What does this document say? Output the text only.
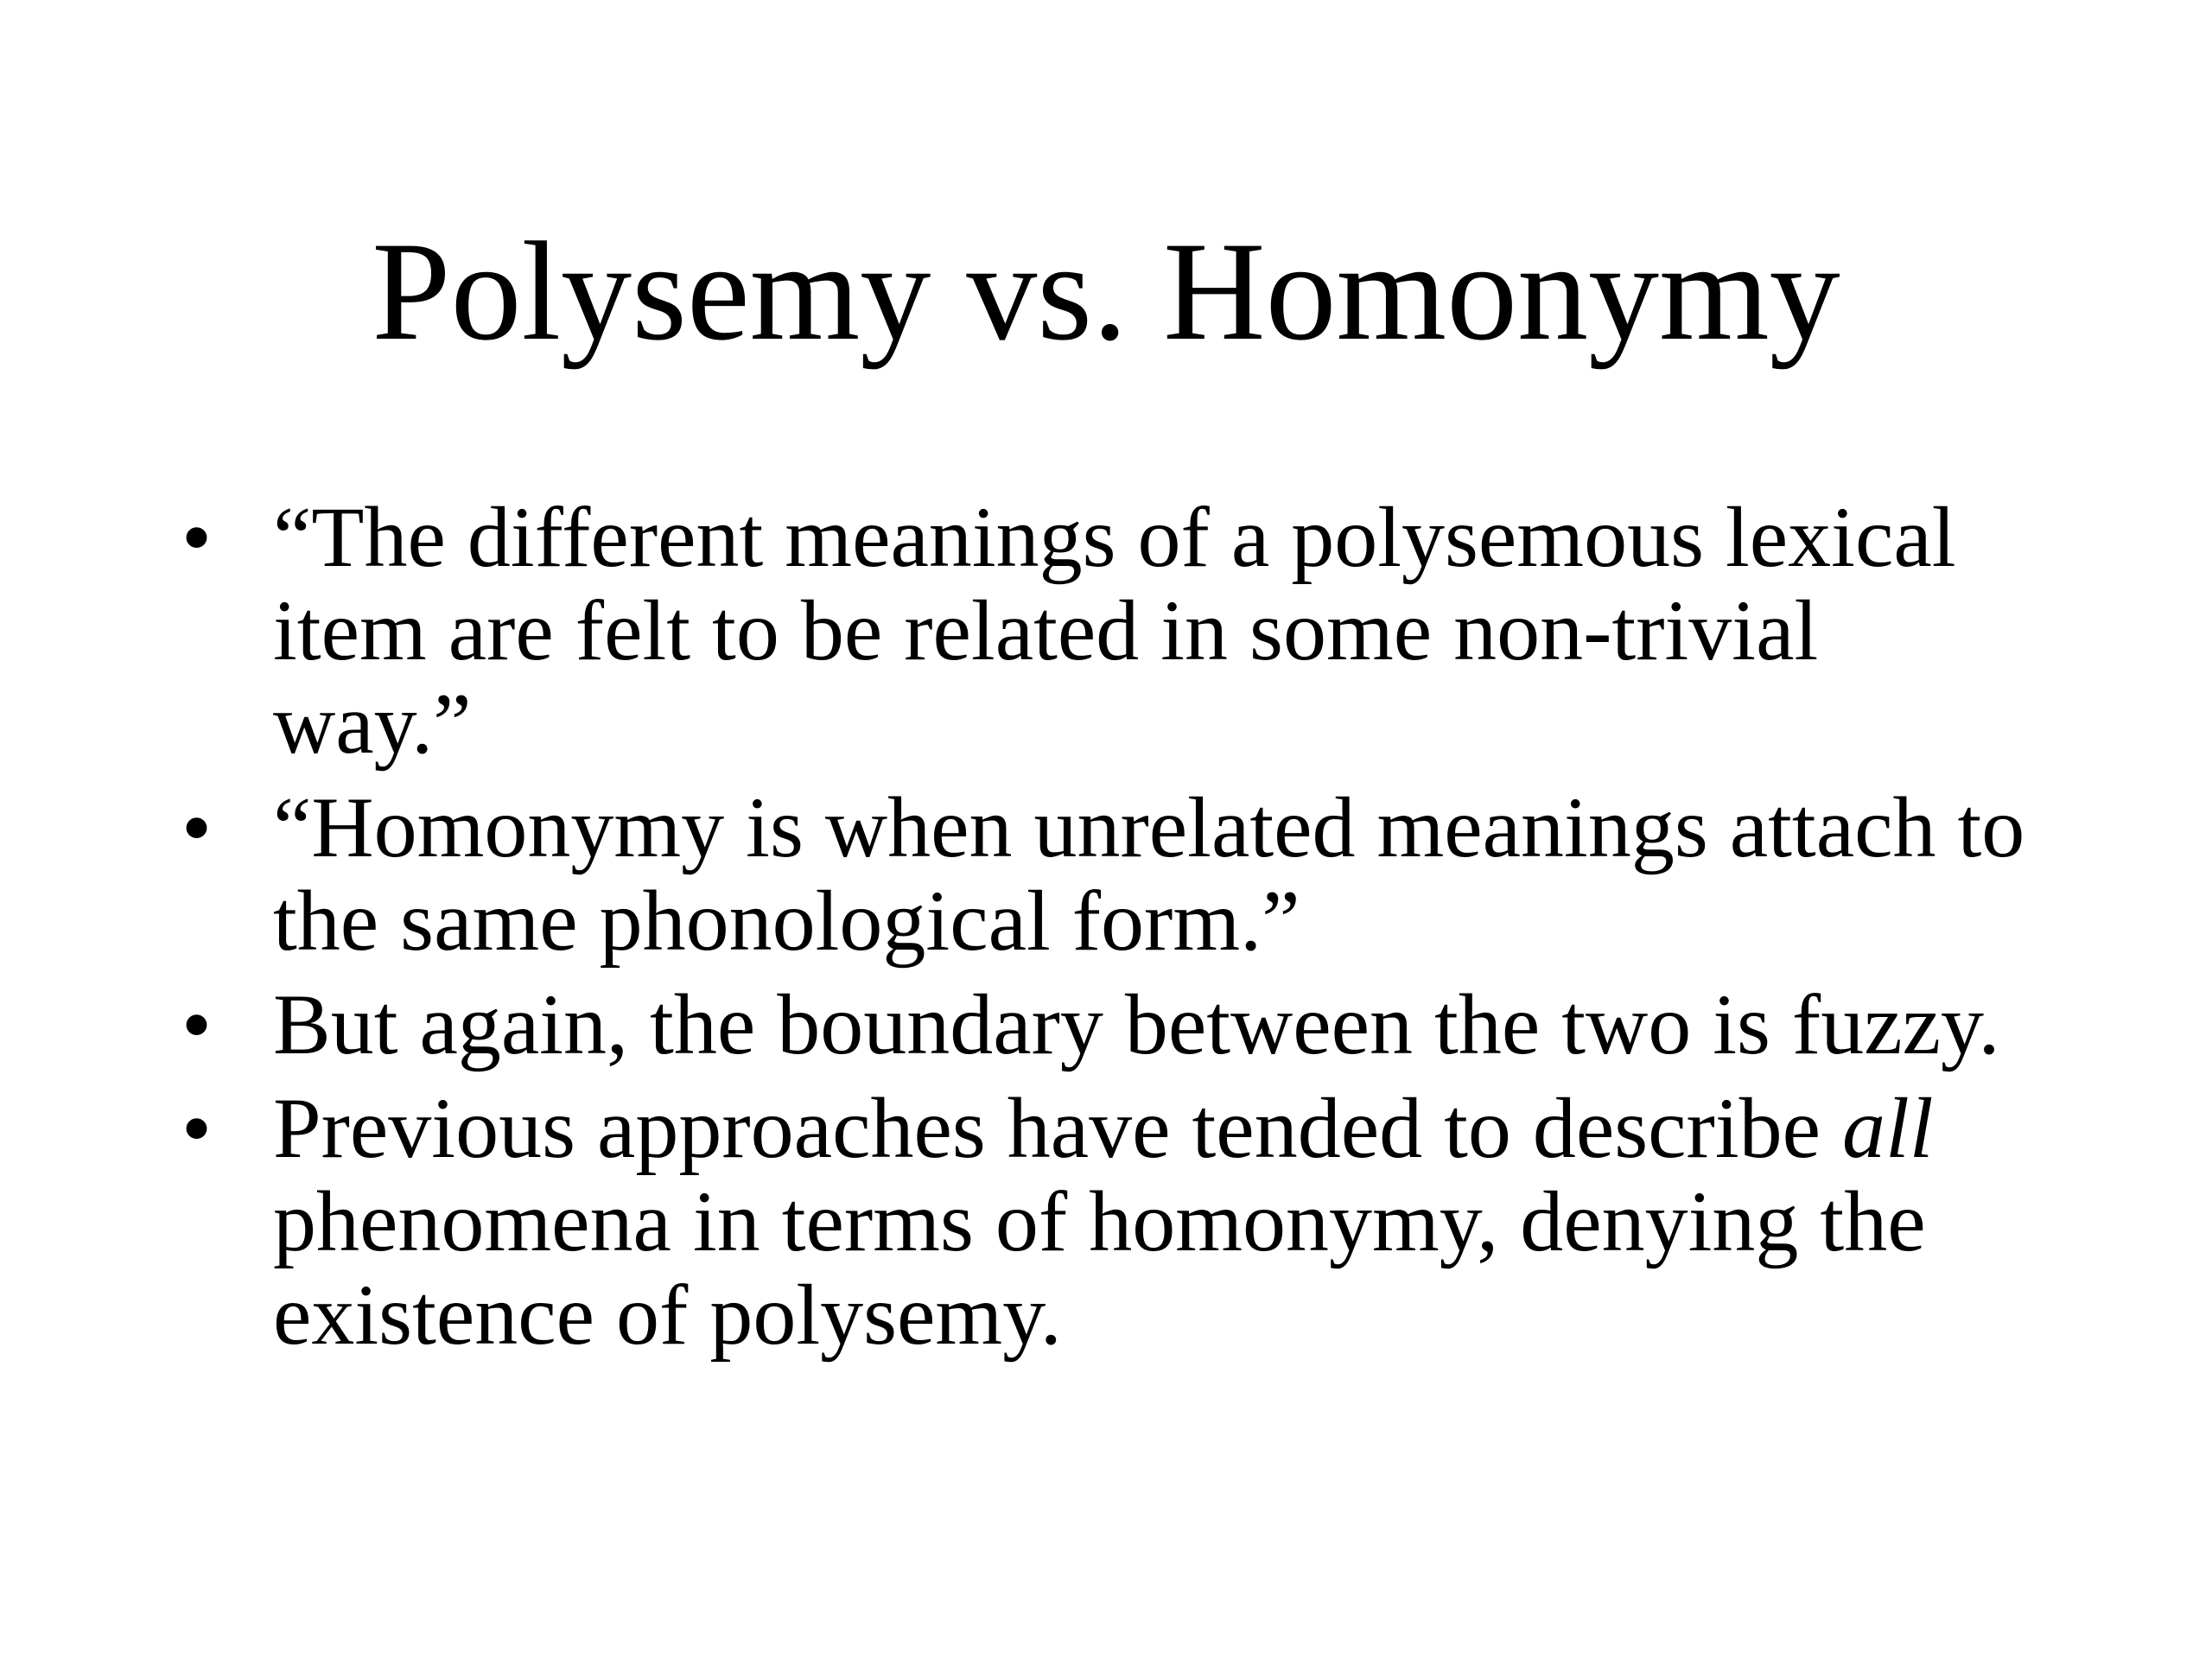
Polysemy vs. Homonymy
• “The different meanings of a polysemous lexical
item are felt to be related in some non-trivial
way.”
• “Homonymy is when unrelated meanings attach to
the same phonological form.”
• But again, the boundary between the two is fuzzy.
• Previous approaches have tended to describe all
phenomena in terms of homonymy, denying the
existence of polysemy.
